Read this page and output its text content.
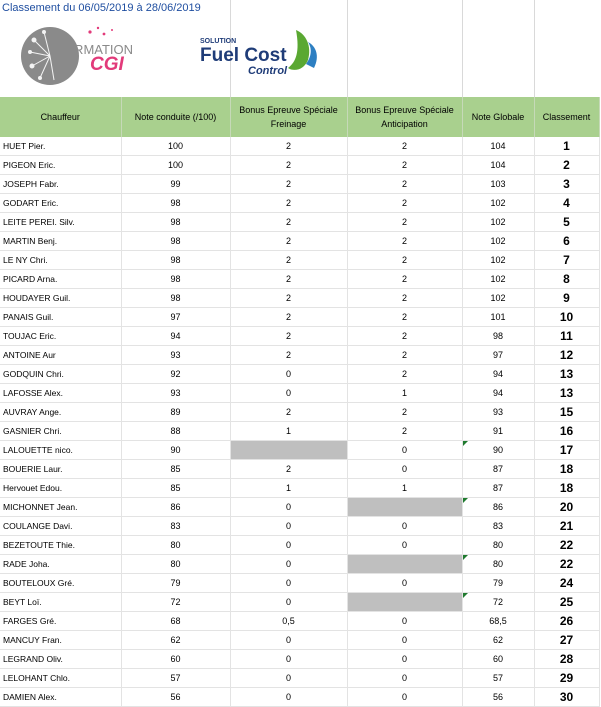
Classement du 06/05/2019 à 28/06/2019
FORMATION
CGI
SOLUTION
Fuel Cost
Control
Chauffeur	Note conduite (/100)	Bonus Epreuve Spéciale Freinage	Bonus Epreuve Spéciale Anticipation	Note Globale	Classement
HUET Pier.	100	2	2	104	1
PIGEON Eric.	100	2	2	104	2
JOSEPH Fabr.	99	2	2	103	3
GODART Eric.	98	2	2	102	4
LEITE PEREI. Silv.	98	2	2	102	5
MARTIN Benj.	98	2	2	102	6
LE NY Chri.	98	2	2	102	7
PICARD Arna.	98	2	2	102	8
HOUDAYER Guil.	98	2	2	102	9
PANAIS Guil.	97	2	2	101	10
TOUJAC Eric.	94	2	2	98	11
ANTOINE Aur	93	2	2	97	12
GODQUIN Chri.	92	0	2	94	13
LAFOSSE Alex.	93	0	1	94	13
AUVRAY Ange.	89	2	2	93	15
GASNIER Chri.	88	1	2	91	16
LALOUETTE nico.	90		0	90	17
BOUERIE Laur.	85	2	0	87	18
Hervouet Edou.	85	1	1	87	18
MICHONNET Jean.	86	0		86	20
COULANGE Davi.	83	0	0	83	21
BEZETOUTE Thie.	80	0	0	80	22
RADE Joha.	80	0		80	22
BOUTELOUX Gré.	79	0	0	79	24
BEYT Loï.	72	0		72	25
FARGES Gré.	68	0,5	0	68,5	26
MANCUY Fran.	62	0	0	62	27
LEGRAND Oliv.	60	0	0	60	28
LELOHANT Chlo.	57	0	0	57	29
DAMIEN Alex.	56	0	0	56	30
